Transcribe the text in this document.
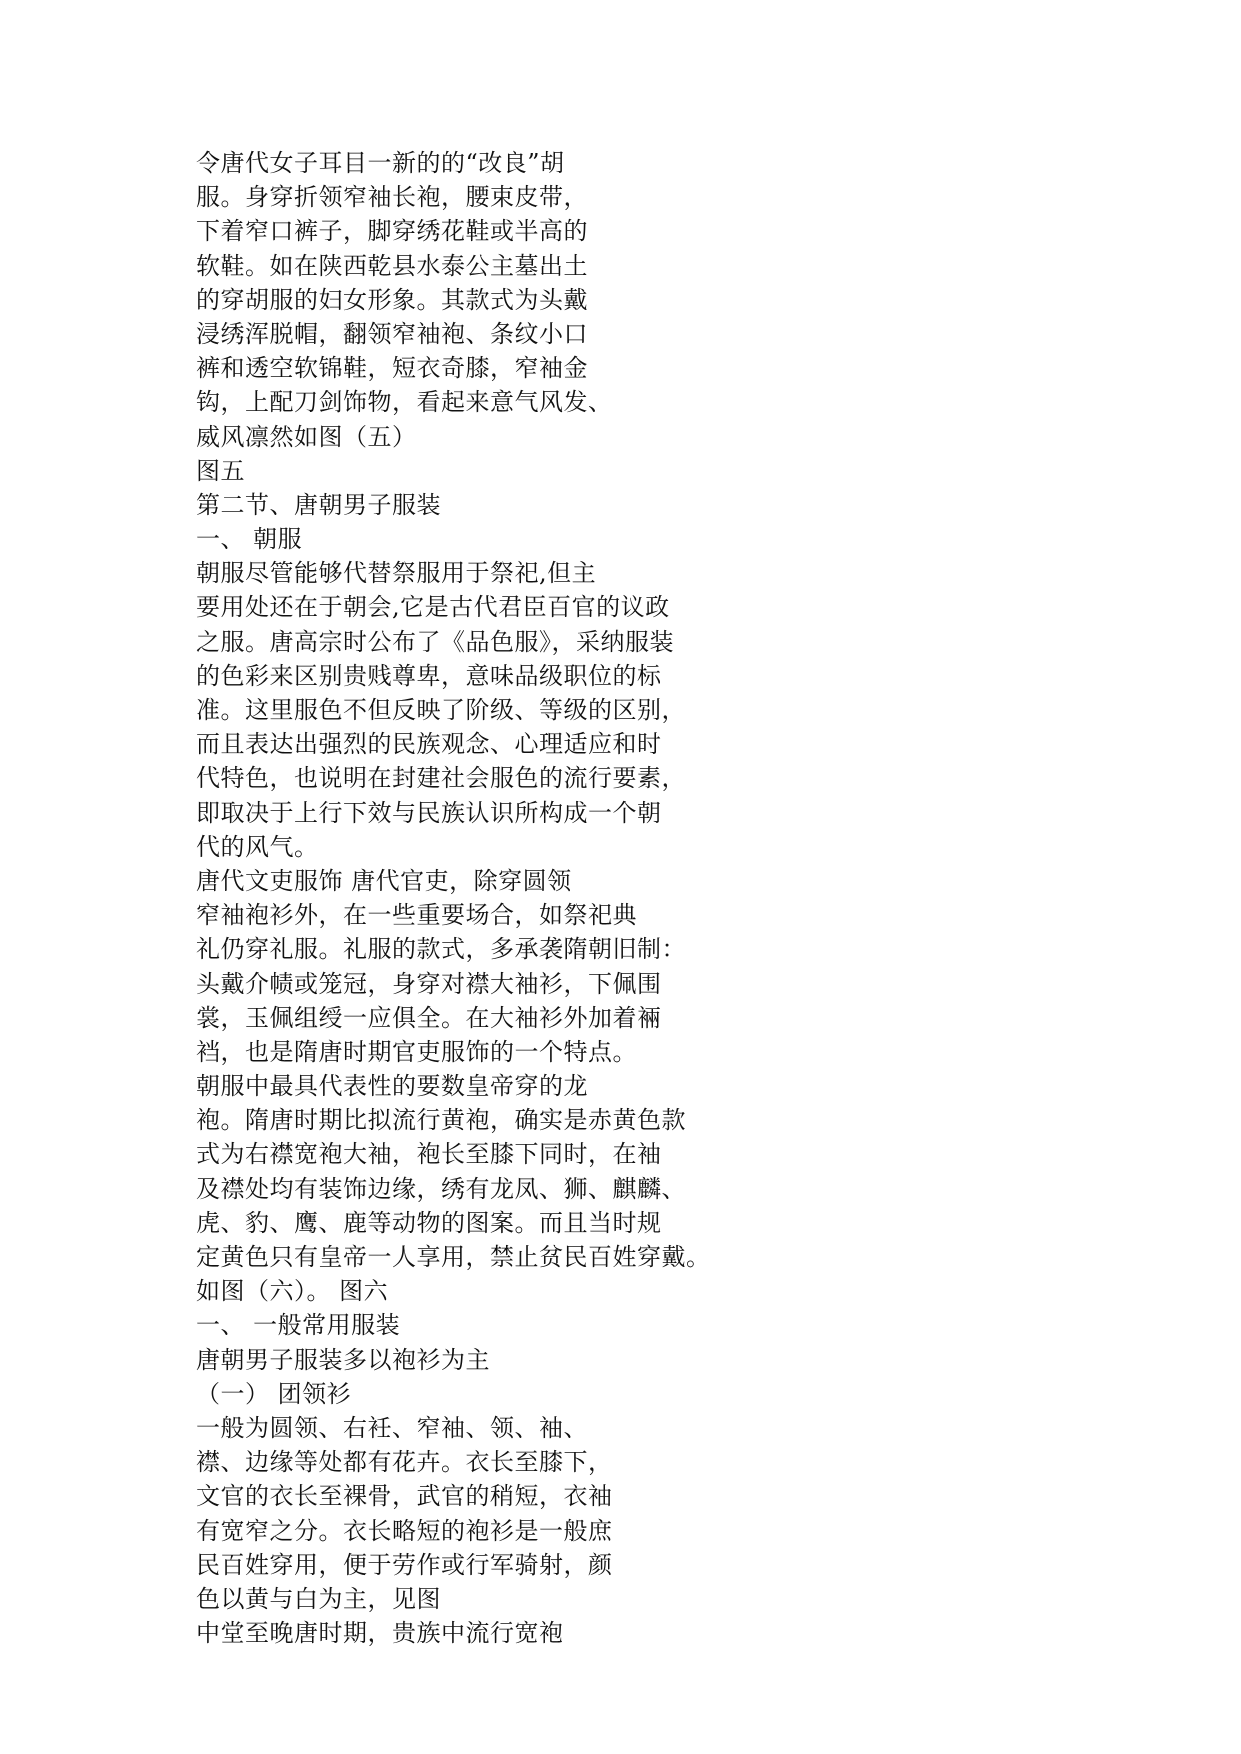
令唐代女子耳目一新的的“改良”胡
服。身穿折领窄袖长袍，腰束皮带，
下着窄口裤子，脚穿绣花鞋或半高的
软鞋。如在陕西乾县水泰公主墓出土
的穿胡服的妇女形象。其款式为头戴
浸绣浑脱帽，翻领窄袖袍、条纹小口
裤和透空软锦鞋，短衣奇膝，窄袖金
钩，上配刀剑饰物，看起来意气风发、
威风凛然如图（五）
图五
第二节、唐朝男子服装
一、 朝服
朝服尽管能够代替祭服用于祭祀,但主
要用处还在于朝会,它是古代君臣百官的议政
之服。唐高宗时公布了《品色服》，采纳服装
的色彩来区别贵贱尊卑，意味品级职位的标
准。这里服色不但反映了阶级、等级的区别，
而且表达出强烈的民族观念、心理适应和时
代特色，也说明在封建社会服色的流行要素，
即取决于上行下效与民族认识所构成一个朝
代的风气。
唐代文吏服饰 唐代官吏，除穿圆领
窄袖袍衫外，在一些重要场合，如祭祀典
礼仍穿礼服。礼服的款式，多承袭隋朝旧制：
头戴介帻或笼冠，身穿对襟大袖衫，下佩围
裳，玉佩组绶一应俱全。在大袖衫外加着裲
裆，也是隋唐时期官吏服饰的一个特点。
朝服中最具代表性的要数皇帝穿的龙
袍。隋唐时期比拟流行黄袍，确实是赤黄色款
式为右襟宽袍大袖，袍长至膝下同时，在袖
及襟处均有装饰边缘，绣有龙凤、狮、麒麟、
虎、豹、鹰、鹿等动物的图案。而且当时规
定黄色只有皇帝一人享用，禁止贫民百姓穿戴。
如图（六）。 图六
一、 一般常用服装
唐朝男子服装多以袍衫为主
（一） 团领衫
一般为圆领、右衽、窄袖、领、袖、
襟、边缘等处都有花卉。衣长至膝下，
文官的衣长至裸骨，武官的稍短，衣袖
有宽窄之分。衣长略短的袍衫是一般庶
民百姓穿用，便于劳作或行军骑射，颜
色以黄与白为主，见图
中堂至晚唐时期，贵族中流行宽袍
